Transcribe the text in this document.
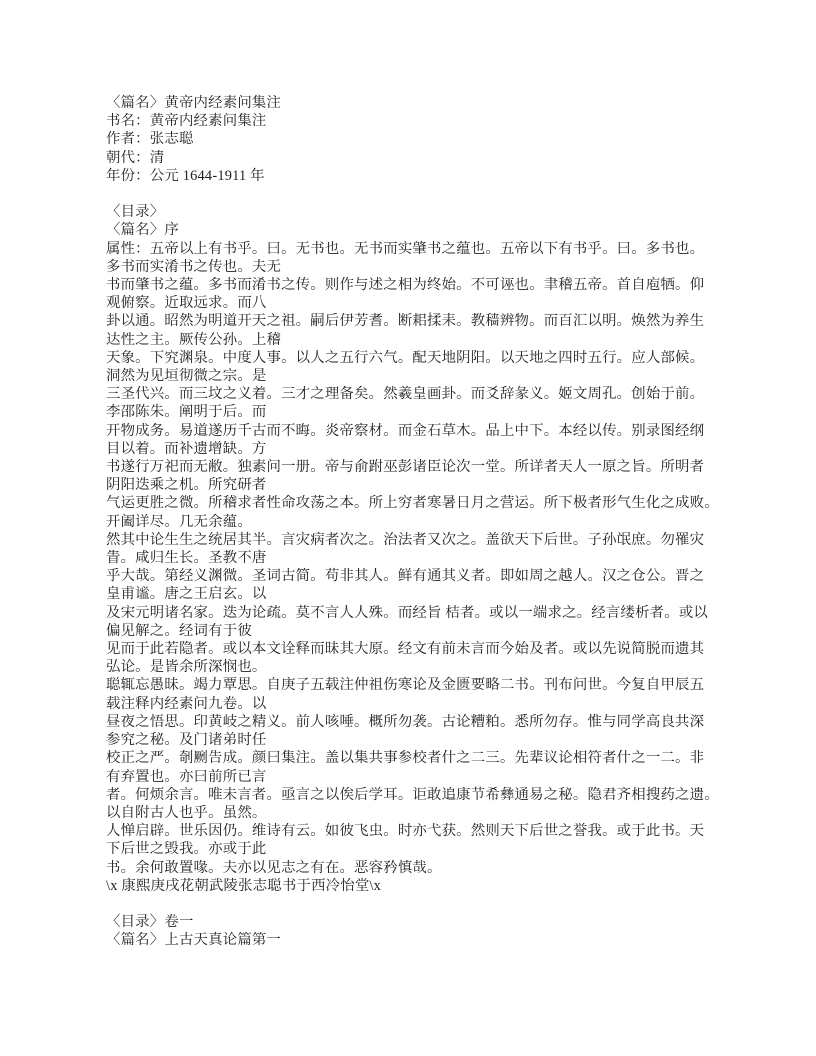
〈篇名〉黄帝内经素问集注
书名：黄帝内经素问集注
作者：张志聪
朝代：清
年份：公元 1644-1911 年
〈目录〉
〈篇名〉序
属性：五帝以上有书乎。曰。无书也。无书而实肇书之蕴也。五帝以下有书乎。曰。多书也。
多书而实淆书之传也。夫无
书而肇书之蕴。多书而淆书之传。则作与述之相为终始。不可诬也。聿稽五帝。首自庖牺。仰
观俯察。近取远求。而八
卦以通。昭然为明道开天之祖。嗣后伊芳耆。断耜揉耒。教穑辨物。而百汇以明。焕然为养生
达性之主。厥传公孙。上稽
天象。下究渊泉。中度人事。以人之五行六气。配天地阴阳。以天地之四时五行。应人部候。
洞然为见垣彻微之宗。是
三圣代兴。而三坟之义着。三才之理备矣。然羲皇画卦。而爻辞彖义。姬文周孔。创始于前。
李邵陈朱。阐明于后。而
开物成务。易道遂历千古而不晦。炎帝察材。而金石草木。品上中下。本经以传。别录图经纲
目以着。而补遗增缺。方
书遂行万祀而无敝。独素问一册。帝与俞跗巫彭诸臣论次一堂。所详者天人一原之旨。所明者
阴阳迭乘之机。所究研者
气运更胜之微。所稽求者性命攻荡之本。所上穷者寒暑日月之营运。所下极者形气生化之成败。
开阖详尽。几无余蕴。
然其中论生生之统居其半。言灾病者次之。治法者又次之。盖欲天下后世。子孙氓庶。勿罹灾
眚。咸归生长。圣教不唐
乎大哉。第经义渊微。圣词古简。苟非其人。鲜有通其义者。即如周之越人。汉之仓公。晋之
皇甫谧。唐之王启玄。以
及宋元明诸名家。迭为论疏。莫不言人人殊。而经旨 桔者。或以一端求之。经言缕析者。或以
偏见解之。经词有于彼
见而于此若隐者。或以本文诠释而昧其大原。经文有前未言而今始及者。或以先说简脱而遗其
弘论。是皆余所深悯也。
聪辄忘愚昧。竭力覃思。自庚子五载注仲祖伤寒论及金匮要略二书。刊布问世。今复自甲辰五
载注释内经素问九卷。以
昼夜之悟思。印黄岐之精义。前人咳唾。概所勿袭。古论糟粕。悉所勿存。惟与同学高良共深
参究之秘。及门诸弟时任
校正之严。剞劂告成。颜曰集注。盖以集共事参校者什之二三。先辈议论相符者什之一二。非
有弃置也。亦曰前所已言
者。何烦余言。唯未言者。亟言之以俟后学耳。讵敢追康节希彝通易之秘。隐君齐相搜药之遗。
以自附古人也乎。虽然。
人惮启辟。世乐因仍。维诗有云。如彼飞虫。时亦弋获。然则天下后世之誉我。或于此书。天
下后世之毁我。亦或于此
书。余何敢置喙。夫亦以见志之有在。恶容矜慎哉。
\x 康熙庚戌花朝武陵张志聪书于西冷怡堂\x
〈目录〉卷一
〈篇名〉上古天真论篇第一
